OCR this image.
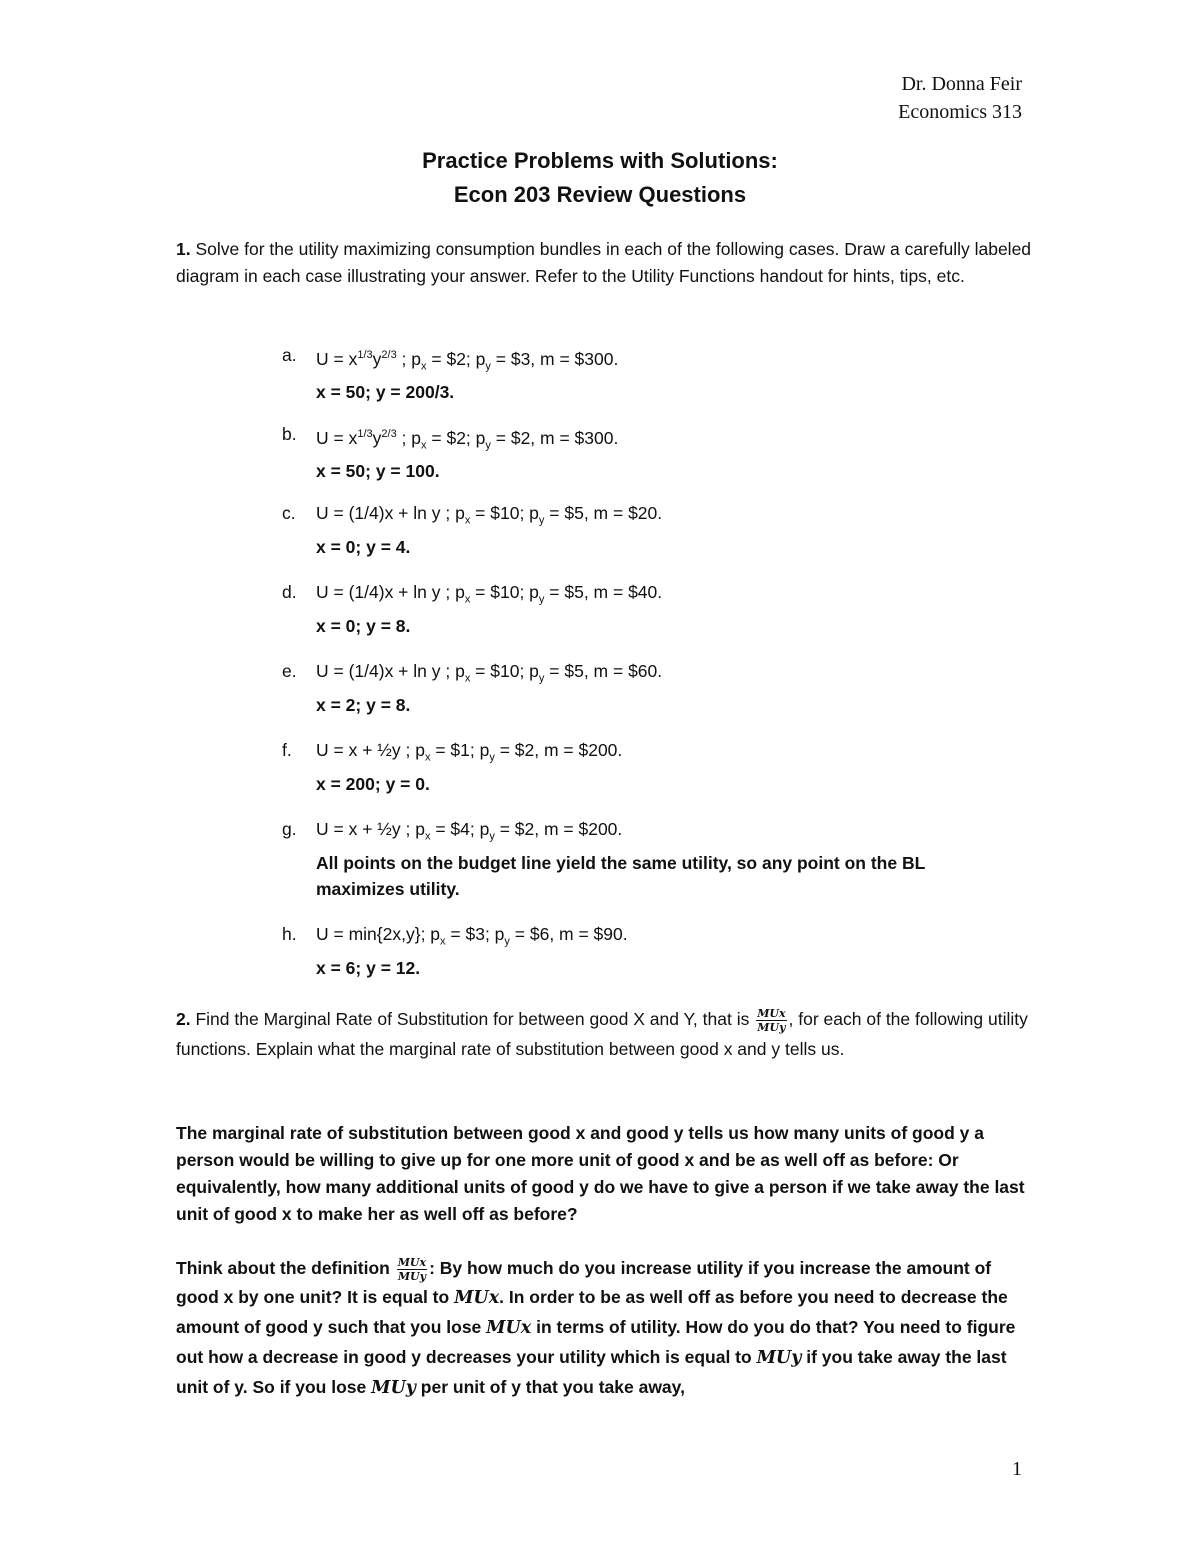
Dr. Donna Feir
Economics 313
Practice Problems with Solutions:
Econ 203 Review Questions
1. Solve for the utility maximizing consumption bundles in each of the following cases. Draw a carefully labeled diagram in each case illustrating your answer. Refer to the Utility Functions handout for hints, tips, etc.
a.	$U = x^{1/3}y^{2/3}$ ; $p_x$ = $2; $p_y$ = $3, m = $300.
x = 50; y = 200/3.
b.	$U = x^{1/3}y^{2/3}$ ; $p_x$ = $2; $p_y$ = $2, m = $300.
x = 50; y = 100.
c.	U = (1/4)x + ln y ; $p_x$ = $10; $p_y$ = $5, m = $20.
x = 0; y = 4.
d.	U = (1/4)x + ln y ; $p_x$ = $10; $p_y$ = $5, m = $40.
x = 0; y = 8.
e.	U = (1/4)x + ln y ; $p_x$ = $10; $p_y$ = $5, m = $60.
x = 2; y = 8.
f.	U = x + ½y ; $p_x$ = $1; $p_y$ = $2, m = $200.
x = 200; y = 0.
g.	U = x + ½y ; $p_x$ = $4; $p_y$ = $2, m = $200.
All points on the budget line yield the same utility, so any point on the BL maximizes utility.
h.	U = min{2x,y}; $p_x$ = $3; $p_y$ = $6, m = $90.
x = 6; y = 12.
2. Find the Marginal Rate of Substitution for between good X and Y, that is $\frac{\text{MUx}}{\text{MUy}}$ , for each of the following utility functions. Explain what the marginal rate of substitution between good x and y tells us.
The marginal rate of substitution between good x and good y tells us how many units of good y a person would be willing to give up for one more unit of good x and be as well off as before: Or equivalently, how many additional units of good y do we have to give a person if we take away the last unit of good x to make her as well off as before?
Think about the definition $\frac{\text{MUx}}{\text{MUy}}$ : By how much do you increase utility if you increase the amount of good x by one unit? It is equal to MUx. In order to be as well off as before you need to decrease the amount of good y such that you lose MUx in terms of utility. How do you do that? You need to figure out how a decrease in good y decreases your utility which is equal to MUy if you take away the last unit of y. So if you lose MUy per unit of y that you take away,
1
